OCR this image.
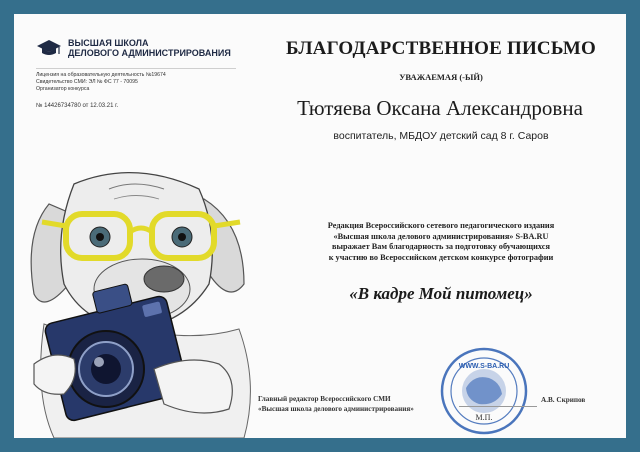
ВЫСШАЯ ШКОЛА
ДЕЛОВОГО АДМИНИСТРИРОВАНИЯ
Лицензия на образовательную деятельность №19674
Свидетельство СМИ: ЭЛ № ФС 77 - 70095
Организатор конкурса
№ 14426734780 от 12.03.21 г.
БЛАГОДАРСТВЕННОЕ ПИСЬМО
УВАЖАЕМАЯ (-ЫЙ)
Тютяева Оксана Александровна
воспитатель, МБДОУ детский сад 8 г. Саров
Редакция Всероссийского сетевого педагогического издания
«Высшая школа делового администрирования» S-BA.RU
выражает Вам благодарность за подготовку обучающихся
к участию во Всероссийском детском конкурсе фотографии
«В кадре Мой питомец»
WWW.S-BA.RU
М.П.
Главный редактор Всероссийского СМИ
«Высшая школа делового администрирования»
А.В. Скрипов
